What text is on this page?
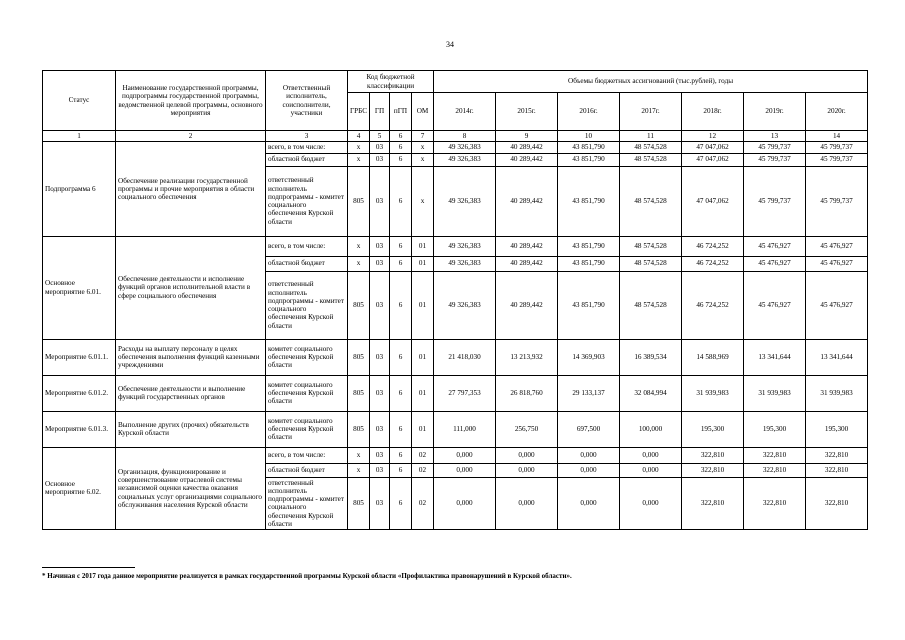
34
Статус	Наименование государственной программы, подпрограммы государственной программы, ведомственной целевой программы, основного мероприятия	Ответственный исполнитель, соисполнители, участники	Код бюджетной классификации				Объемы бюджетных ассигнований (тыс.рублей), годы						
			ГРБС	ГП	пГП	ОМ	2014г.	2015г.	2016г.	2017г.	2018г.	2019г.	2020г.
1	2	3	4	5	6	7	8	9	10	11	12	13	14
Подпрограмма 6	Обеспечение реализации государственной программы и прочие мероприятия в области социального обеспечения	всего, в том числе:	х	03	6	х	49 326,383	40 289,442	43 851,790	48 574,528	47 047,062	45 799,737	45 799,737
		областной бюджет	х	03	6	х	49 326,383	40 289,442	43 851,790	48 574,528	47 047,062	45 799,737	45 799,737
		ответственный исполнитель подпрограммы - комитет социального обеспечения Курской области	805	03	6	х	49 326,383	40 289,442	43 851,790	48 574,528	47 047,062	45 799,737	45 799,737
Основное мероприятие 6.01.	Обеспечение деятельности и исполнение функций органов исполнительной власти в сфере социального обеспечения	всего, в том числе:	х	03	6	01	49 326,383	40 289,442	43 851,790	48 574,528	46 724,252	45 476,927	45 476,927
		областной бюджет	х	03	6	01	49 326,383	40 289,442	43 851,790	48 574,528	46 724,252	45 476,927	45 476,927
		ответственный исполнитель подпрограммы - комитет социального обеспечения Курской области	805	03	6	01	49 326,383	40 289,442	43 851,790	48 574,528	46 724,252	45 476,927	45 476,927
Мероприятие 6.01.1.	Расходы на выплату персоналу в целях обеспечения выполнения функций казенными учреждениями	комитет социального обеспечения Курской области	805	03	6	01	21 418,030	13 213,932	14 369,903	16 389,534	14 588,969	13 341,644	13 341,644
Мероприятие 6.01.2.	Обеспечение деятельности и выполнение функций государственных органов	комитет социального обеспечения Курской области	805	03	6	01	27 797,353	26 818,760	29 133,137	32 084,994	31 939,983	31 939,983	31 939,983
Мероприятие 6.01.3.	Выполнение других (прочих) обязательств Курской области	комитет социального обеспечения Курской области	805	03	6	01	111,000	256,750	697,500	100,000	195,300	195,300	195,300
Основное мероприятие 6.02.	Организация, функционирование и совершенствование отраслевой системы независимой оценки качества оказания социальных услуг организациями социального обслуживания населения Курской области	всего, в том числе:	х	03	6	02	0,000	0,000	0,000	0,000	322,810	322,810	322,810
		областной бюджет	х	03	6	02	0,000	0,000	0,000	0,000	322,810	322,810	322,810
		ответственный исполнитель подпрограммы - комитет социального обеспечения Курской области	805	03	6	02	0,000	0,000	0,000	0,000	322,810	322,810	322,810
* Начиная с 2017 года данное мероприятие реализуется в рамках государственной программы Курской области «Профилактика правонарушений в Курской области».
